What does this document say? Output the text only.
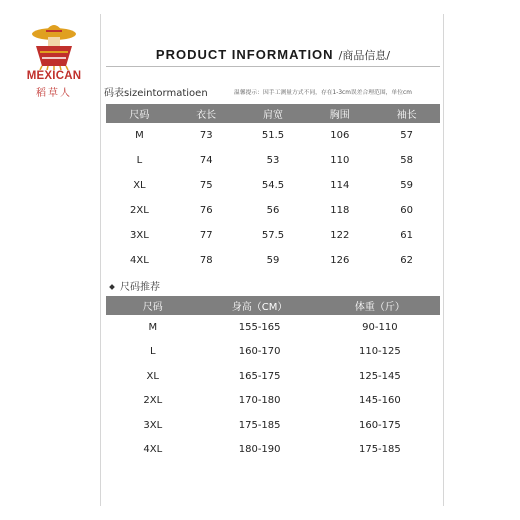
MEXICAN
稻草人
PRODUCT INFORMATION /商品信息/
码表sizeintormatioen	温馨提示：因手工测量方式不同，存在1-3cm误差合理范围，单位cm
尺码	衣长	肩宽	胸围	袖长
M	73	51.5	106	57
L	74	53	110	58
XL	75	54.5	114	59
2XL	76	56	118	60
3XL	77	57.5	122	61
4XL	78	59	126	62
尺码推荐
尺码	身高（CM）	体重（斤）
M	155-165	90-110
L	160-170	110-125
XL	165-175	125-145
2XL	170-180	145-160
3XL	175-185	160-175
4XL	180-190	175-185
